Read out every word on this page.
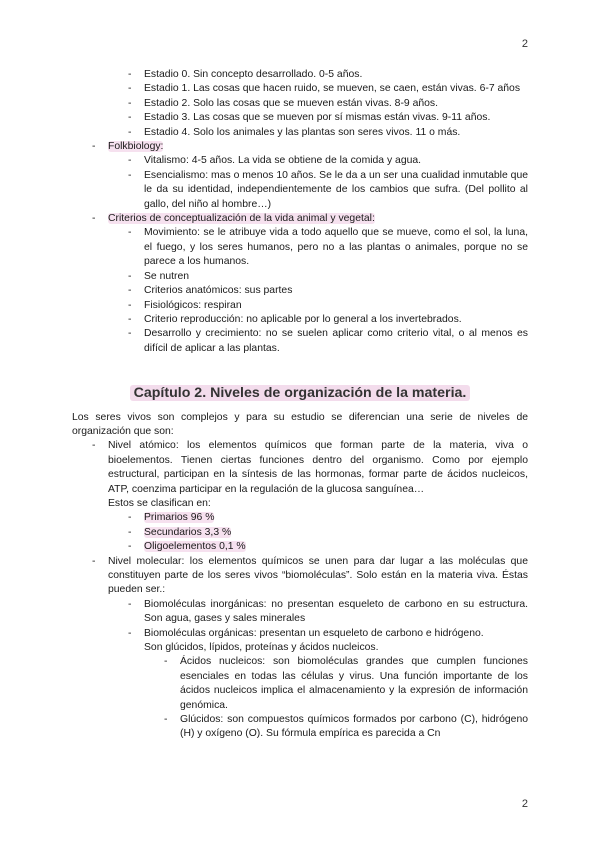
2
- Estadio 0. Sin concepto desarrollado. 0-5 años.
- Estadio 1. Las cosas que hacen ruido, se mueven, se caen, están vivas. 6-7 años
- Estadio 2. Solo las cosas que se mueven están vivas. 8-9 años.
- Estadio 3. Las cosas que se mueven por sí mismas están vivas. 9-11 años.
- Estadio 4. Solo los animales y las plantas son seres vivos. 11 o más.
- Folkbiology:
- Vitalismo: 4-5 años. La vida se obtiene de la comida y agua.
- Esencialismo: mas o menos 10 años. Se le da a un ser una cualidad inmutable que le da su identidad, independientemente de los cambios que sufra. (Del pollito al gallo, del niño al hombre…)
- Criterios de conceptualización de la vida animal y vegetal:
- Movimiento: se le atribuye vida a todo aquello que se mueve, como el sol, la luna, el fuego, y los seres humanos, pero no a las plantas o animales, porque no se parece a los humanos.
- Se nutren
- Criterios anatómicos: sus partes
- Fisiológicos: respiran
- Criterio reproducción: no aplicable por lo general a los invertebrados.
- Desarrollo y crecimiento: no se suelen aplicar como criterio vital, o al menos es difícil de aplicar a las plantas.
Capítulo 2. Niveles de organización de la materia.

Los seres vivos son complejos y para su estudio se diferencian una serie de niveles de organización que son:

- Nivel atómico: los elementos químicos que forman parte de la materia, viva o bioelementos. Tienen ciertas funciones dentro del organismo. Como por ejemplo estructural, participan en la síntesis de las hormonas, formar parte de ácidos nucleicos, ATP, coenzima participar en la regulación de la glucosa sanguínea…

Estos se clasifican en:

- Primarios 96 %
- Secundarios 3,3 %
- Oligoelementos 0,1 %
- Nivel molecular: los elementos químicos se unen para dar lugar a las moléculas que constituyen parte de los seres vivos “biomoléculas”. Solo están en la materia viva. Éstas pueden ser.:
- Biomoléculas inorgánicas: no presentan esqueleto de carbono en su estructura. Son agua, gases y sales minerales
- Biomoléculas orgánicas: presentan un esqueleto de carbono e hidrógeno.

Son glúcidos, lípidos, proteínas y ácidos nucleicos.

- Ácidos nucleicos: son biomoléculas grandes que cumplen funciones esenciales en todas las células y virus. Una función importante de los ácidos nucleicos implica el almacenamiento y la expresión de información genómica.
- Glúcidos: son compuestos químicos formados por carbono (C), hidrógeno (H) y oxígeno (O). Su fórmula empírica es parecida a Cn
2
